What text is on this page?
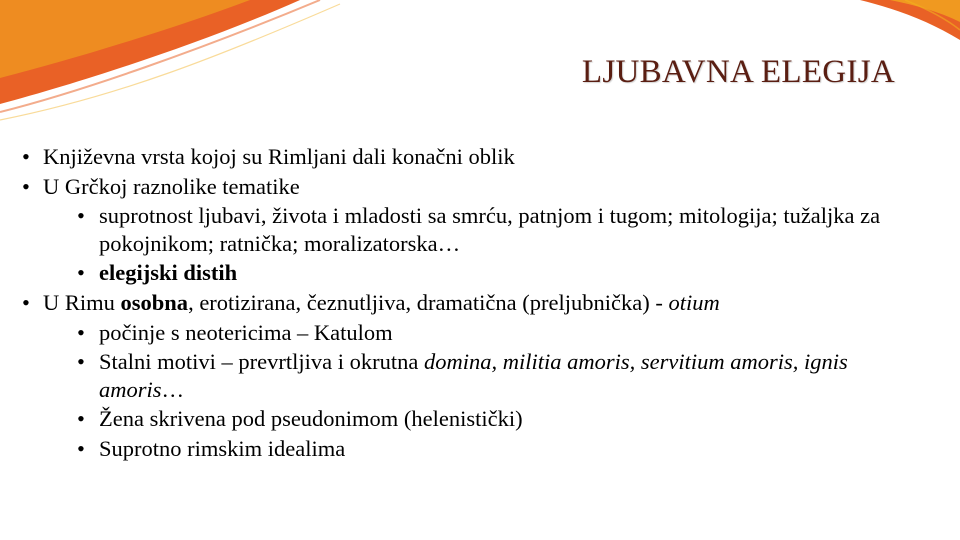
LJUBAVNA ELEGIJA
• Književna vrsta kojoj su Rimljani dali konačni oblik
• U Grčkoj raznolike tematike
• suprotnost ljubavi, života i mladosti sa smrću, patnjom i tugom; mitologija; tužaljka za pokojnikom; ratnička; moralizatorska…
• elegijski distih
• U Rimu osobna, erotizirana, čeznutljiva, dramatična (preljubnička) - otium
• počinje s neotericima – Katulom
• Stalni motivi – prevrtljiva i okrutna domina, militia amoris, servitium amoris, ignis amoris…
• Žena skrivena pod pseudonimom (helenistički)
• Suprotno rimskim idealima
